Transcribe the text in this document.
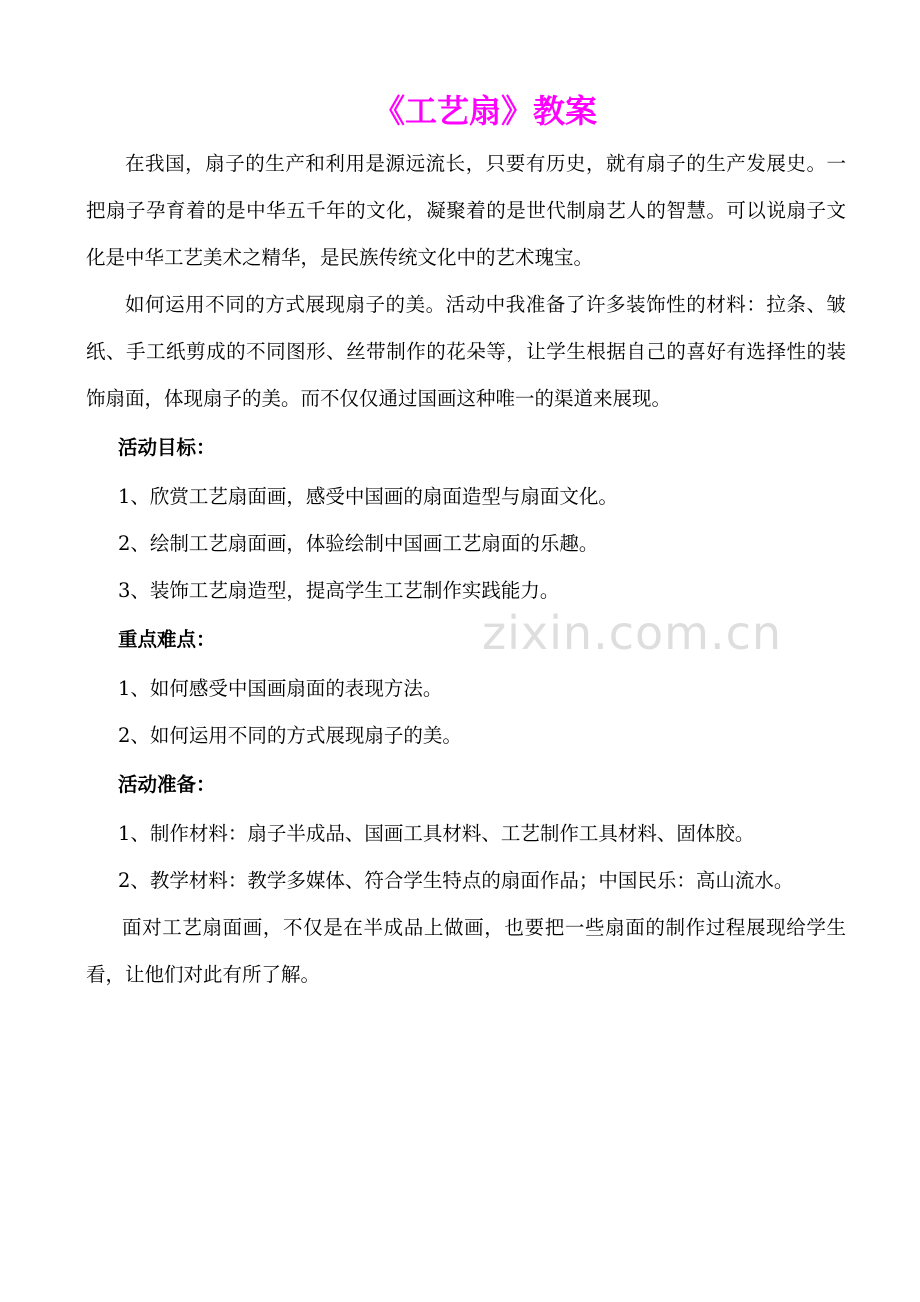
《工艺扇》教案

在我国，扇子的生产和利用是源远流长，只要有历史，就有扇子的生产发展史。一把扇子孕育着的是中华五千年的文化，凝聚着的是世代制扇艺人的智慧。可以说扇子文化是中华工艺美术之精华，是民族传统文化中的艺术瑰宝。

如何运用不同的方式展现扇子的美。活动中我准备了许多装饰性的材料：拉条、皱纸、手工纸剪成的不同图形、丝带制作的花朵等，让学生根据自己的喜好有选择性的装饰扇面，体现扇子的美。而不仅仅通过国画这种唯一的渠道来展现。

活动目标：

1、欣赏工艺扇面画，感受中国画的扇面造型与扇面文化。

2、绘制工艺扇面画，体验绘制中国画工艺扇面的乐趣。

3、装饰工艺扇造型，提高学生工艺制作实践能力。

重点难点：

1、如何感受中国画扇面的表现方法。

2、如何运用不同的方式展现扇子的美。

活动准备：

1、制作材料：扇子半成品、国画工具材料、工艺制作工具材料、固体胶。

2、教学材料：教学多媒体、符合学生特点的扇面作品；中国民乐：高山流水。

面对工艺扇面画，不仅是在半成品上做画，也要把一些扇面的制作过程展现给学生看，让他们对此有所了解。

zixin.com.cn
